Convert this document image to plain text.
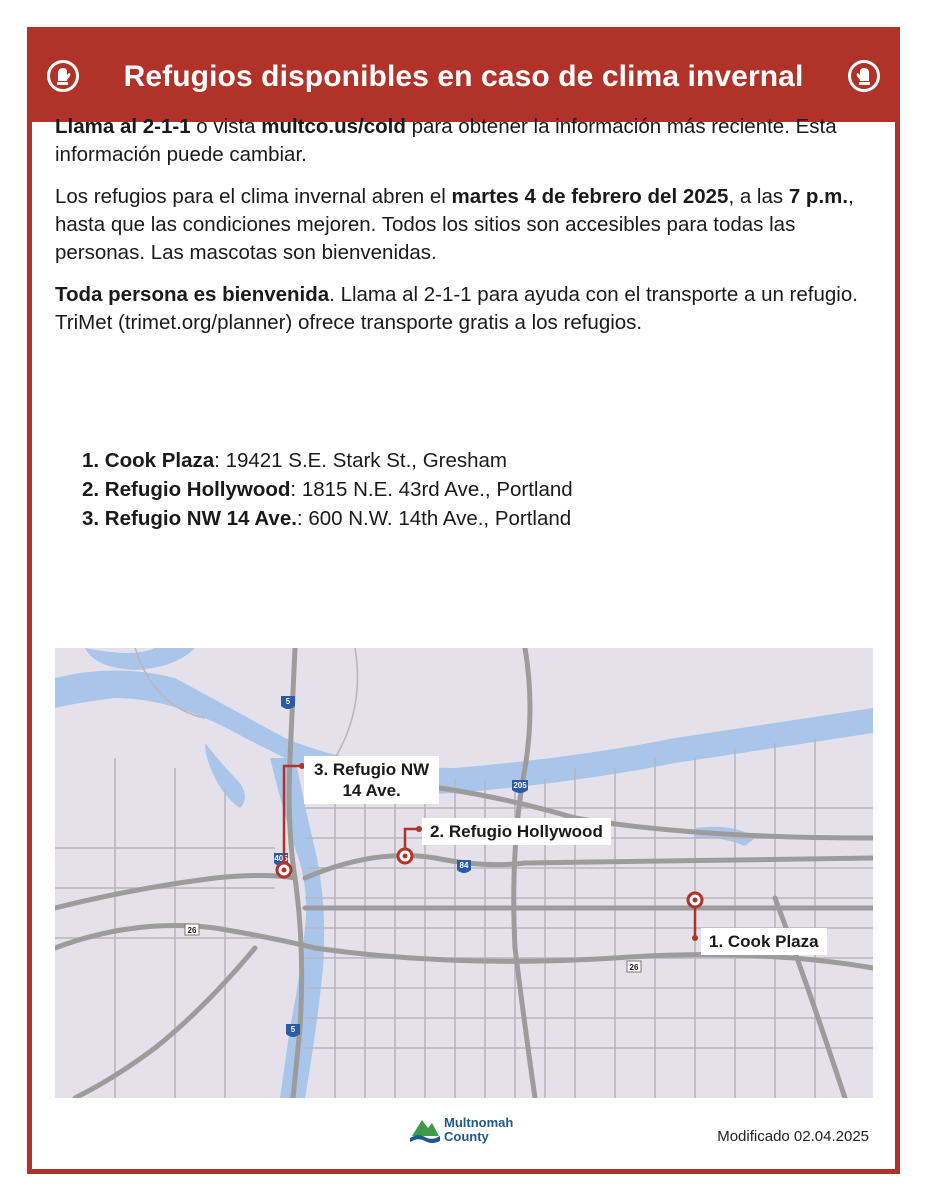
Refugios disponibles en caso de clima invernal

Llama al 2-1-1 o vista multco.us/cold para obtener la información más reciente. Esta información puede cambiar.

Los refugios para el clima invernal abren el martes 4 de febrero del 2025, a las 7 p.m., hasta que las condiciones mejoren. Todos los sitios son accesibles para todas las personas. Las mascotas son bienvenidas.

Toda persona es bienvenida. Llama al 2-1-1 para ayuda con el transporte a un refugio. TriMet (trimet.org/planner) ofrece transporte gratis a los refugios.

1. Cook Plaza: 19421 S.E. Stark St., Gresham
2. Refugio Hollywood: 1815 N.E. 43rd Ave., Portland
3. Refugio NW 14 Ave.: 600 N.W. 14th Ave., Portland
5
205
405
84
26
26
5
3. Refugio NW
14 Ave.
2. Refugio Hollywood
1. Cook Plaza
Multnomah
County	Modificado 02.04.2025
